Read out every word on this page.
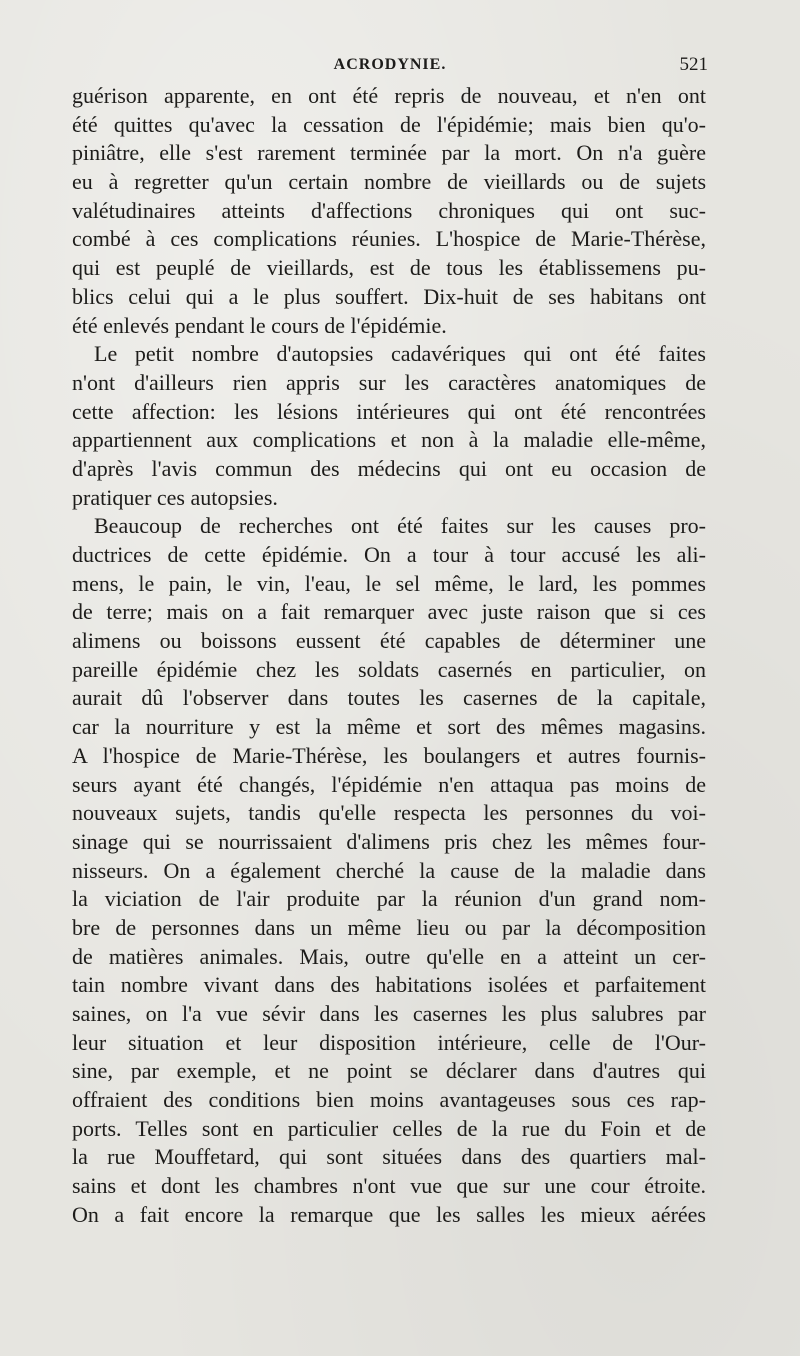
ACRODYNIE.	521
guérison apparente, en ont été repris de nouveau, et n'en ont
été quittes qu'avec la cessation de l'épidémie; mais bien qu'o-
piniâtre, elle s'est rarement terminée par la mort. On n'a guère
eu à regretter qu'un certain nombre de vieillards ou de sujets
valétudinaires atteints d'affections chroniques qui ont suc-
combé à ces complications réunies. L'hospice de Marie-Thérèse,
qui est peuplé de vieillards, est de tous les établissemens pu-
blics celui qui a le plus souffert. Dix-huit de ses habitans ont
été enlevés pendant le cours de l'épidémie.
Le petit nombre d'autopsies cadavériques qui ont été faites
n'ont d'ailleurs rien appris sur les caractères anatomiques de
cette affection: les lésions intérieures qui ont été rencontrées
appartiennent aux complications et non à la maladie elle-même,
d'après l'avis commun des médecins qui ont eu occasion de
pratiquer ces autopsies.
Beaucoup de recherches ont été faites sur les causes pro-
ductrices de cette épidémie. On a tour à tour accusé les ali-
mens, le pain, le vin, l'eau, le sel même, le lard, les pommes
de terre; mais on a fait remarquer avec juste raison que si ces
alimens ou boissons eussent été capables de déterminer une
pareille épidémie chez les soldats casernés en particulier, on
aurait dû l'observer dans toutes les casernes de la capitale,
car la nourriture y est la même et sort des mêmes magasins.
A l'hospice de Marie-Thérèse, les boulangers et autres fournis-
seurs ayant été changés, l'épidémie n'en attaqua pas moins de
nouveaux sujets, tandis qu'elle respecta les personnes du voi-
sinage qui se nourrissaient d'alimens pris chez les mêmes four-
nisseurs. On a également cherché la cause de la maladie dans
la viciation de l'air produite par la réunion d'un grand nom-
bre de personnes dans un même lieu ou par la décomposition
de matières animales. Mais, outre qu'elle en a atteint un cer-
tain nombre vivant dans des habitations isolées et parfaitement
saines, on l'a vue sévir dans les casernes les plus salubres par
leur situation et leur disposition intérieure, celle de l'Our-
sine, par exemple, et ne point se déclarer dans d'autres qui
offraient des conditions bien moins avantageuses sous ces rap-
ports. Telles sont en particulier celles de la rue du Foin et de
la rue Mouffetard, qui sont situées dans des quartiers mal-
sains et dont les chambres n'ont vue que sur une cour étroite.
On a fait encore la remarque que les salles les mieux aérées
